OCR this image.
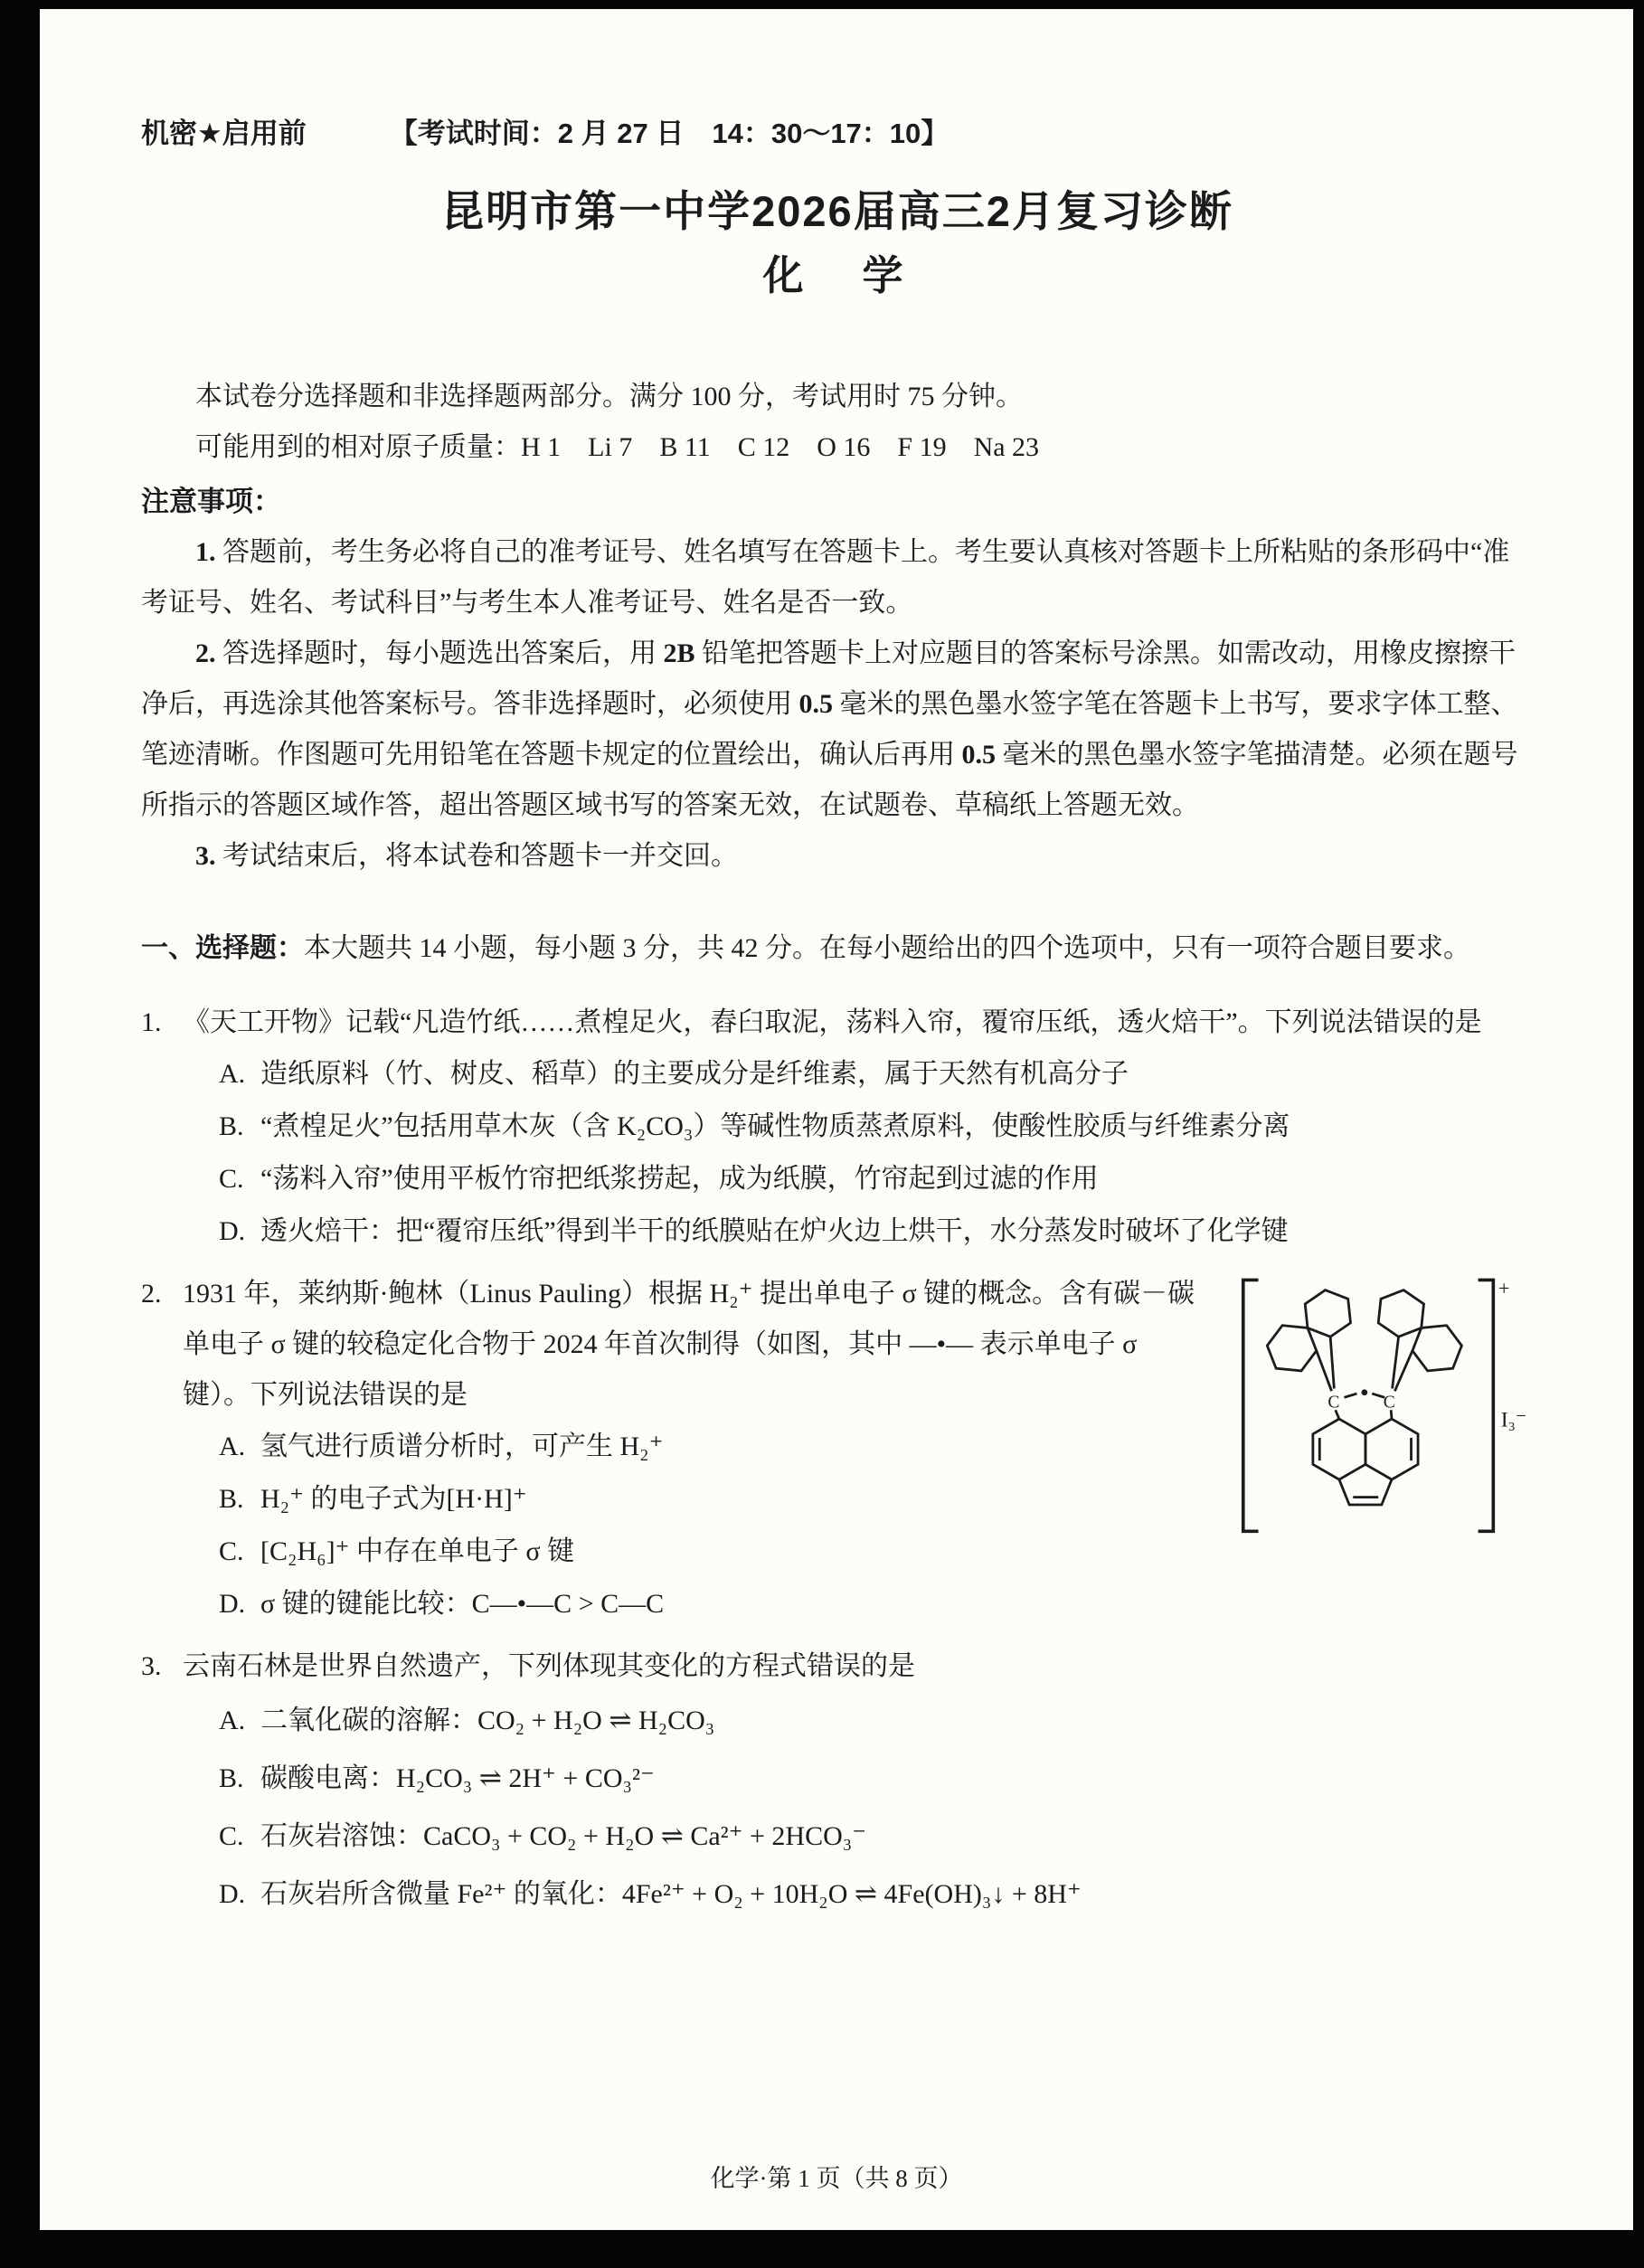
机密★启用前	【考试时间：2 月 27 日　14：30～17：10】
昆明市第一中学2026届高三2月复习诊断
化　学

本试卷分选择题和非选择题两部分。满分 100 分，考试用时 75 分钟。

可能用到的相对原子质量：H 1　Li 7　B 11　C 12　O 16　F 19　Na 23

注意事项：

1. 答题前，考生务必将自己的准考证号、姓名填写在答题卡上。考生要认真核对答题卡上所粘贴的条形码中“准考证号、姓名、考试科目”与考生本人准考证号、姓名是否一致。

2. 答选择题时，每小题选出答案后，用 2B 铅笔把答题卡上对应题目的答案标号涂黑。如需改动，用橡皮擦擦干净后，再选涂其他答案标号。答非选择题时，必须使用 0.5 毫米的黑色墨水签字笔在答题卡上书写，要求字体工整、笔迹清晰。作图题可先用铅笔在答题卡规定的位置绘出，确认后再用 0.5 毫米的黑色墨水签字笔描清楚。必须在题号所指示的答题区域作答，超出答题区域书写的答案无效，在试题卷、草稿纸上答题无效。

3. 考试结束后，将本试卷和答题卡一并交回。

一、选择题：本大题共 14 小题，每小题 3 分，共 42 分。在每小题给出的四个选项中，只有一项符合题目要求。

1. 《天工开物》记载“凡造竹纸……煮楻足火，舂臼取泥，荡料入帘，覆帘压纸，透火焙干”。下列说法错误的是

A. 造纸原料（竹、树皮、稻草）的主要成分是纤维素，属于天然有机高分子

B. “煮楻足火”包括用草木灰（含 K₂CO₃）等碱性物质蒸煮原料，使酸性胶质与纤维素分离

C. “荡料入帘”使用平板竹帘把纸浆捞起，成为纸膜，竹帘起到过滤的作用

D. 透火焙干：把“覆帘压纸”得到半干的纸膜贴在炉火边上烘干，水分蒸发时破坏了化学键

+
I₃⁻
C	C
2. 1931 年，莱纳斯·鲍林（Linus Pauling）根据 H₂⁺ 提出单电子 σ 键的概念。含有碳－碳单电子 σ 键的较稳定化合物于 2024 年首次制得（如图，其中 —•— 表示单电子 σ 键）。下列说法错误的是

A. 氢气进行质谱分析时，可产生 H₂⁺

B. H₂⁺ 的电子式为[H·H]⁺

C. [C₂H₆]⁺ 中存在单电子 σ 键

D. σ 键的键能比较：C—•—C > C—C

3. 云南石林是世界自然遗产，下列体现其变化的方程式错误的是

A. 二氧化碳的溶解：CO₂ + H₂O ⇌ H₂CO₃

B. 碳酸电离：H₂CO₃ ⇌ 2H⁺ + CO₃²⁻

C. 石灰岩溶蚀：CaCO₃ + CO₂ + H₂O ⇌ Ca²⁺ + 2HCO₃⁻

D. 石灰岩所含微量 Fe²⁺ 的氧化：4Fe²⁺ + O₂ + 10H₂O ⇌ 4Fe(OH)₃↓ + 8H⁺

化学·第 1 页（共 8 页）
